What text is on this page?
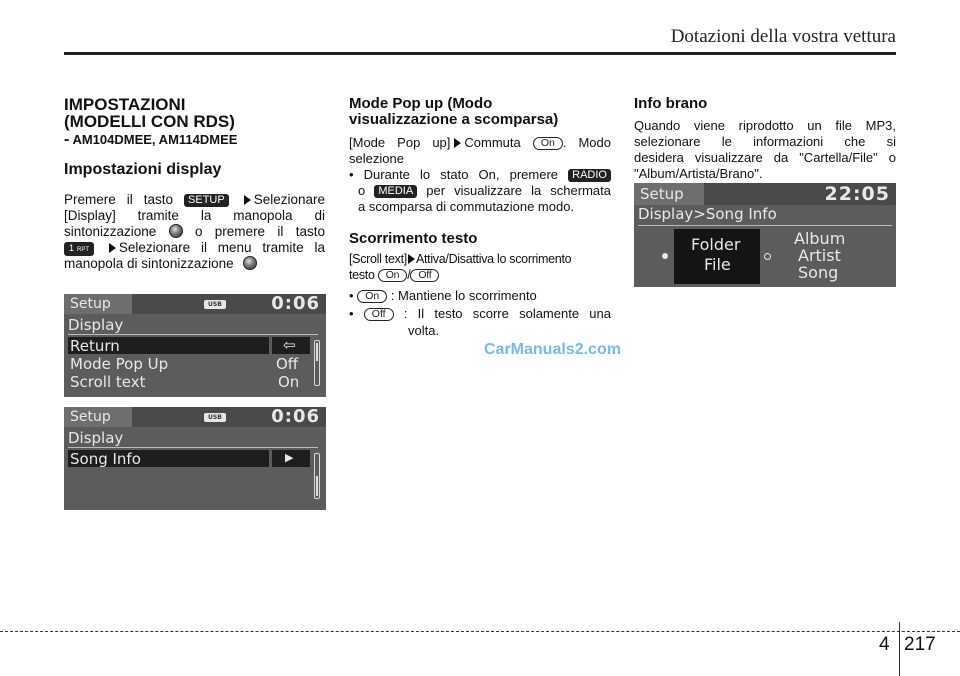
Dotazioni della vostra vettura
IMPOSTAZIONI
(MODELLI CON RDS)
- AM104DMEE, AM114DMEE
Impostazioni display
Premere il tasto SETUP Selezionare
[Display] tramite la manopola di
sintonizzazione	o premere il tasto
1 RPT Selezionare il menu tramite la
manopola di sintonizzazione
Setup	USB	0:06
Display
Return	⇦
Mode Pop Up	Off
Scroll text	On
Setup	USB	0:06
Display
Song Info	▶
Mode Pop up (Modo
visualizzazione a scomparsa)
[Mode Pop up] Commuta On . Modo
selezione
• Durante lo stato On, premere RADIO
o MEDIA per visualizzare la schermata
a scomparsa di commutazione modo.
Scorrimento testo
[Scroll text] Attiva/Disattiva lo scorrimento
testo On / Off
• On : Mantiene lo scorrimento
• Off : Il testo scorre solamente una
volta.
CarManuals2.com
Info brano
Quando viene riprodotto un file MP3,
selezionare le informazioni che si
desidera visualizzare da "Cartella/File" o
"Album/Artista/Brano".
Setup	22:05
Display>Song Info
Folder
File
Album
Artist
Song
4 217
